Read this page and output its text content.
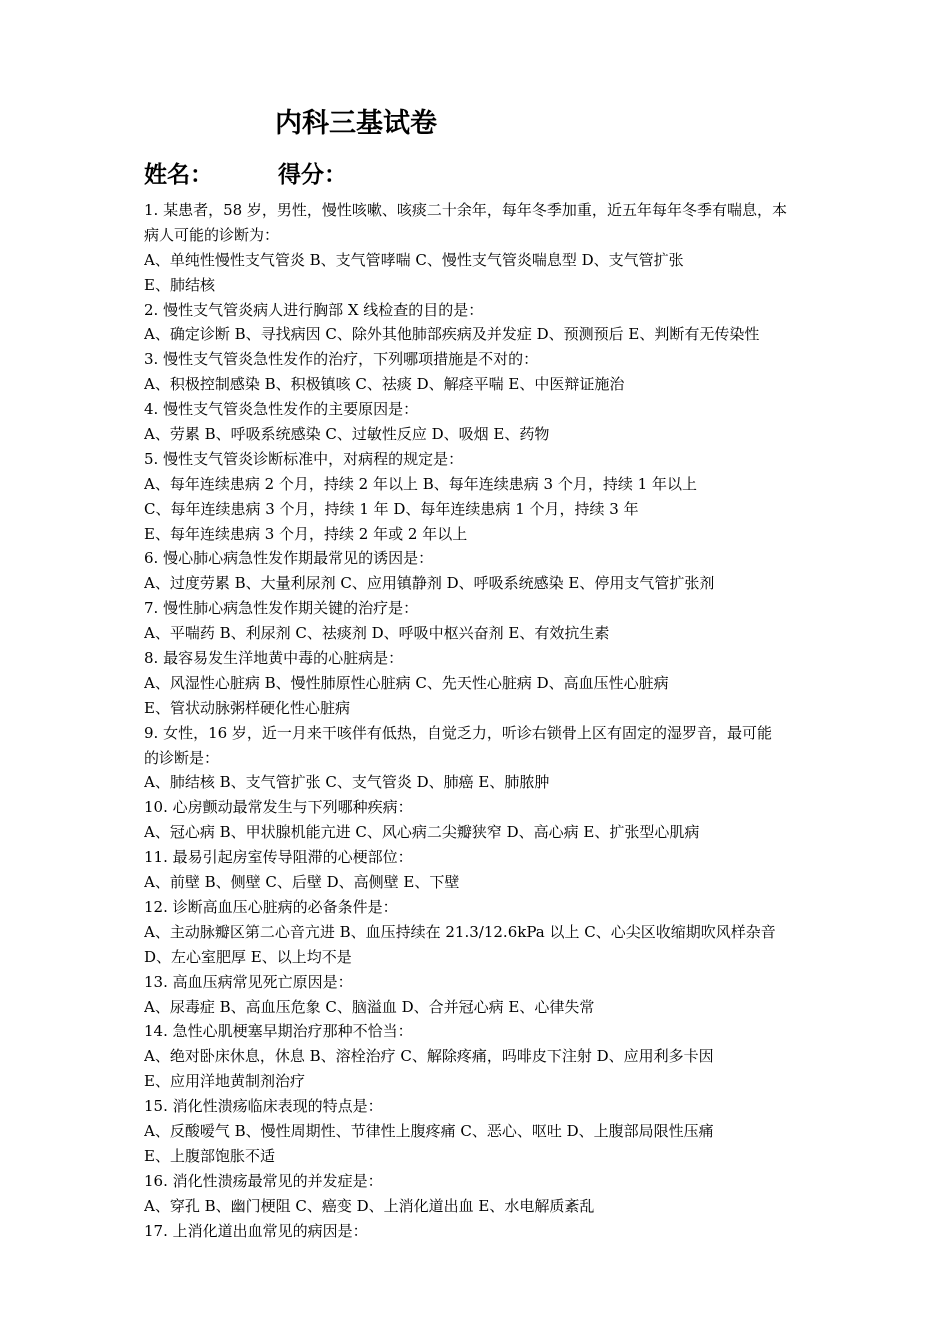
内科三基试卷
姓名：	得分：
1. 某患者，58 岁，男性，慢性咳嗽、咳痰二十余年，每年冬季加重，近五年每年冬季有喘息，本
病人可能的诊断为：
A、单纯性慢性支气管炎 B、支气管哮喘 C、慢性支气管炎喘息型 D、支气管扩张
E、肺结核
2. 慢性支气管炎病人进行胸部 X 线检查的目的是：
A、确定诊断 B、寻找病因 C、除外其他肺部疾病及并发症 D、预测预后 E、判断有无传染性
3. 慢性支气管炎急性发作的治疗，下列哪项措施是不对的：
A、积极控制感染 B、积极镇咳 C、祛痰 D、解痉平喘 E、中医辩证施治
4. 慢性支气管炎急性发作的主要原因是：
A、劳累 B、呼吸系统感染 C、过敏性反应 D、吸烟 E、药物
5. 慢性支气管炎诊断标准中，对病程的规定是：
A、每年连续患病 2 个月，持续 2 年以上 B、每年连续患病 3 个月，持续 1 年以上
C、每年连续患病 3 个月，持续 1 年 D、每年连续患病 1 个月，持续 3 年
E、每年连续患病 3 个月，持续 2 年或 2 年以上
6. 慢心肺心病急性发作期最常见的诱因是：
A、过度劳累 B、大量利尿剂 C、应用镇静剂 D、呼吸系统感染 E、停用支气管扩张剂
7. 慢性肺心病急性发作期关键的治疗是：
A、平喘药 B、利尿剂 C、祛痰剂 D、呼吸中枢兴奋剂 E、有效抗生素
8. 最容易发生洋地黄中毒的心脏病是：
A、风湿性心脏病 B、慢性肺原性心脏病 C、先天性心脏病 D、高血压性心脏病
E、管状动脉粥样硬化性心脏病
9. 女性，16 岁，近一月来干咳伴有低热，自觉乏力，听诊右锁骨上区有固定的湿罗音，最可能
的诊断是：
A、肺结核 B、支气管扩张 C、支气管炎 D、肺癌 E、肺脓肿
10. 心房颤动最常发生与下列哪种疾病：
A、冠心病 B、甲状腺机能亢进 C、风心病二尖瓣狭窄 D、高心病 E、扩张型心肌病
11. 最易引起房室传导阻滞的心梗部位：
A、前壁 B、侧壁 C、后壁 D、高侧壁 E、下壁
12. 诊断高血压心脏病的必备条件是：
A、主动脉瓣区第二心音亢进 B、血压持续在 21.3/12.6kPa 以上 C、心尖区收缩期吹风样杂音
D、左心室肥厚 E、以上均不是
13. 高血压病常见死亡原因是：
A、尿毒症 B、高血压危象 C、脑溢血 D、合并冠心病 E、心律失常
14. 急性心肌梗塞早期治疗那种不恰当：
A、绝对卧床休息，休息 B、溶栓治疗 C、解除疼痛，吗啡皮下注射 D、应用利多卡因
E、应用洋地黄制剂治疗
15. 消化性溃疡临床表现的特点是：
A、反酸嗳气 B、慢性周期性、节律性上腹疼痛 C、恶心、呕吐 D、上腹部局限性压痛
E、上腹部饱胀不适
16. 消化性溃疡最常见的并发症是：
A、穿孔 B、幽门梗阻 C、癌变 D、上消化道出血 E、水电解质紊乱
17. 上消化道出血常见的病因是：
